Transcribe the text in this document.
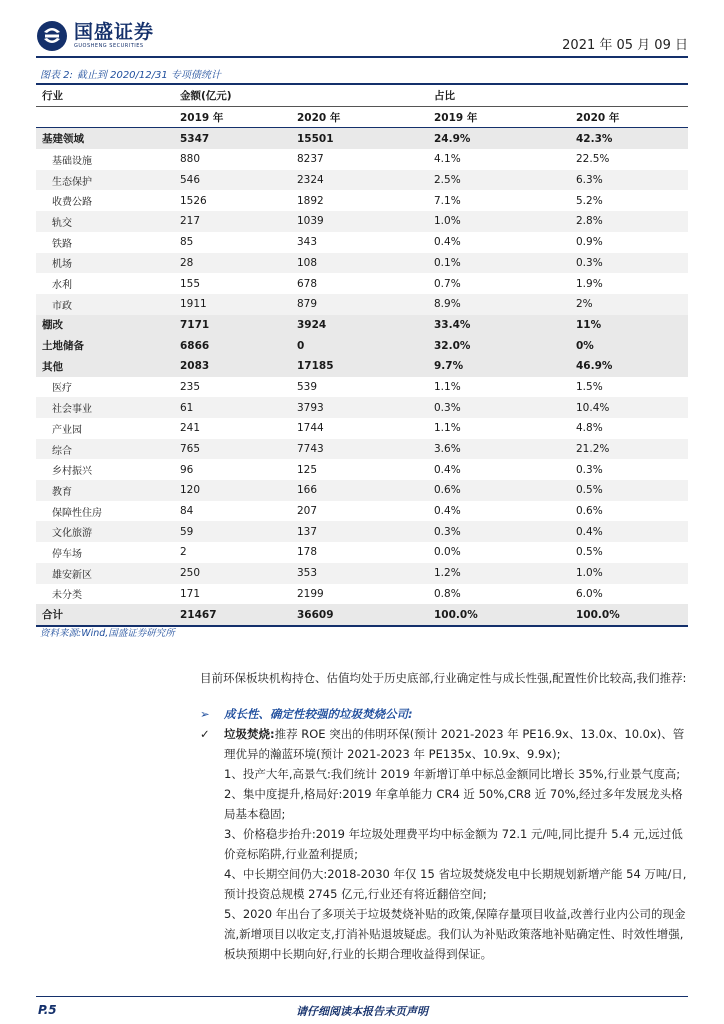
国盛证券
GUOSHENG SECURITIES	2021 年 05 月 09 日
图表 2: 截止到 2020/12/31 专项债统计
行业	金额(亿元)		占比	
	2019 年	2020 年	2019 年	2020 年
基建领域	5347	15501	24.9%	42.3%
基础设施	880	8237	4.1%	22.5%
生态保护	546	2324	2.5%	6.3%
收费公路	1526	1892	7.1%	5.2%
轨交	217	1039	1.0%	2.8%
铁路	85	343	0.4%	0.9%
机场	28	108	0.1%	0.3%
水利	155	678	0.7%	1.9%
市政	1911	879	8.9%	2%
棚改	7171	3924	33.4%	11%
土地储备	6866	0	32.0%	0%
其他	2083	17185	9.7%	46.9%
医疗	235	539	1.1%	1.5%
社会事业	61	3793	0.3%	10.4%
产业园	241	1744	1.1%	4.8%
综合	765	7743	3.6%	21.2%
乡村振兴	96	125	0.4%	0.3%
教育	120	166	0.6%	0.5%
保障性住房	84	207	0.4%	0.6%
文化旅游	59	137	0.3%	0.4%
停车场	2	178	0.0%	0.5%
雄安新区	250	353	1.2%	1.0%
未分类	171	2199	0.8%	6.0%
合计	21467	36609	100.0%	100.0%
资料来源:Wind,国盛证券研究所

目前环保板块机构持仓、估值均处于历史底部,行业确定性与成长性强,配置性价比较高,我们推荐:

➢	成长性、确定性较强的垃圾焚烧公司:

✓	垃圾焚烧:推荐 ROE 突出的伟明环保(预计 2021-2023 年 PE16.9x、13.0x、10.0x)、管理优异的瀚蓝环境(预计 2021-2023 年 PE135x、10.9x、9.9x);

1、投产大年,高景气:我们统计 2019 年新增订单中标总金额同比增长 35%,行业景气度高;

2、集中度提升,格局好:2019 年拿单能力 CR4 近 50%,CR8 近 70%,经过多年发展龙头格局基本稳固;

3、价格稳步抬升:2019 年垃圾处理费平均中标金额为 72.1 元/吨,同比提升 5.4 元,远过低价竞标陷阱,行业盈利提质;

4、中长期空间仍大:2018-2030 年仅 15 省垃圾焚烧发电中长期规划新增产能 54 万吨/日,预计投资总规模 2745 亿元,行业还有将近翻倍空间;

5、2020 年出台了多项关于垃圾焚烧补贴的政策,保障存量项目收益,改善行业内公司的现金流,新增项目以收定支,打消补贴退坡疑虑。我们认为补贴政策落地补贴确定性、时效性增强,板块预期中长期向好,行业的长期合理收益得到保证。

P.5	请仔细阅读本报告末页声明
